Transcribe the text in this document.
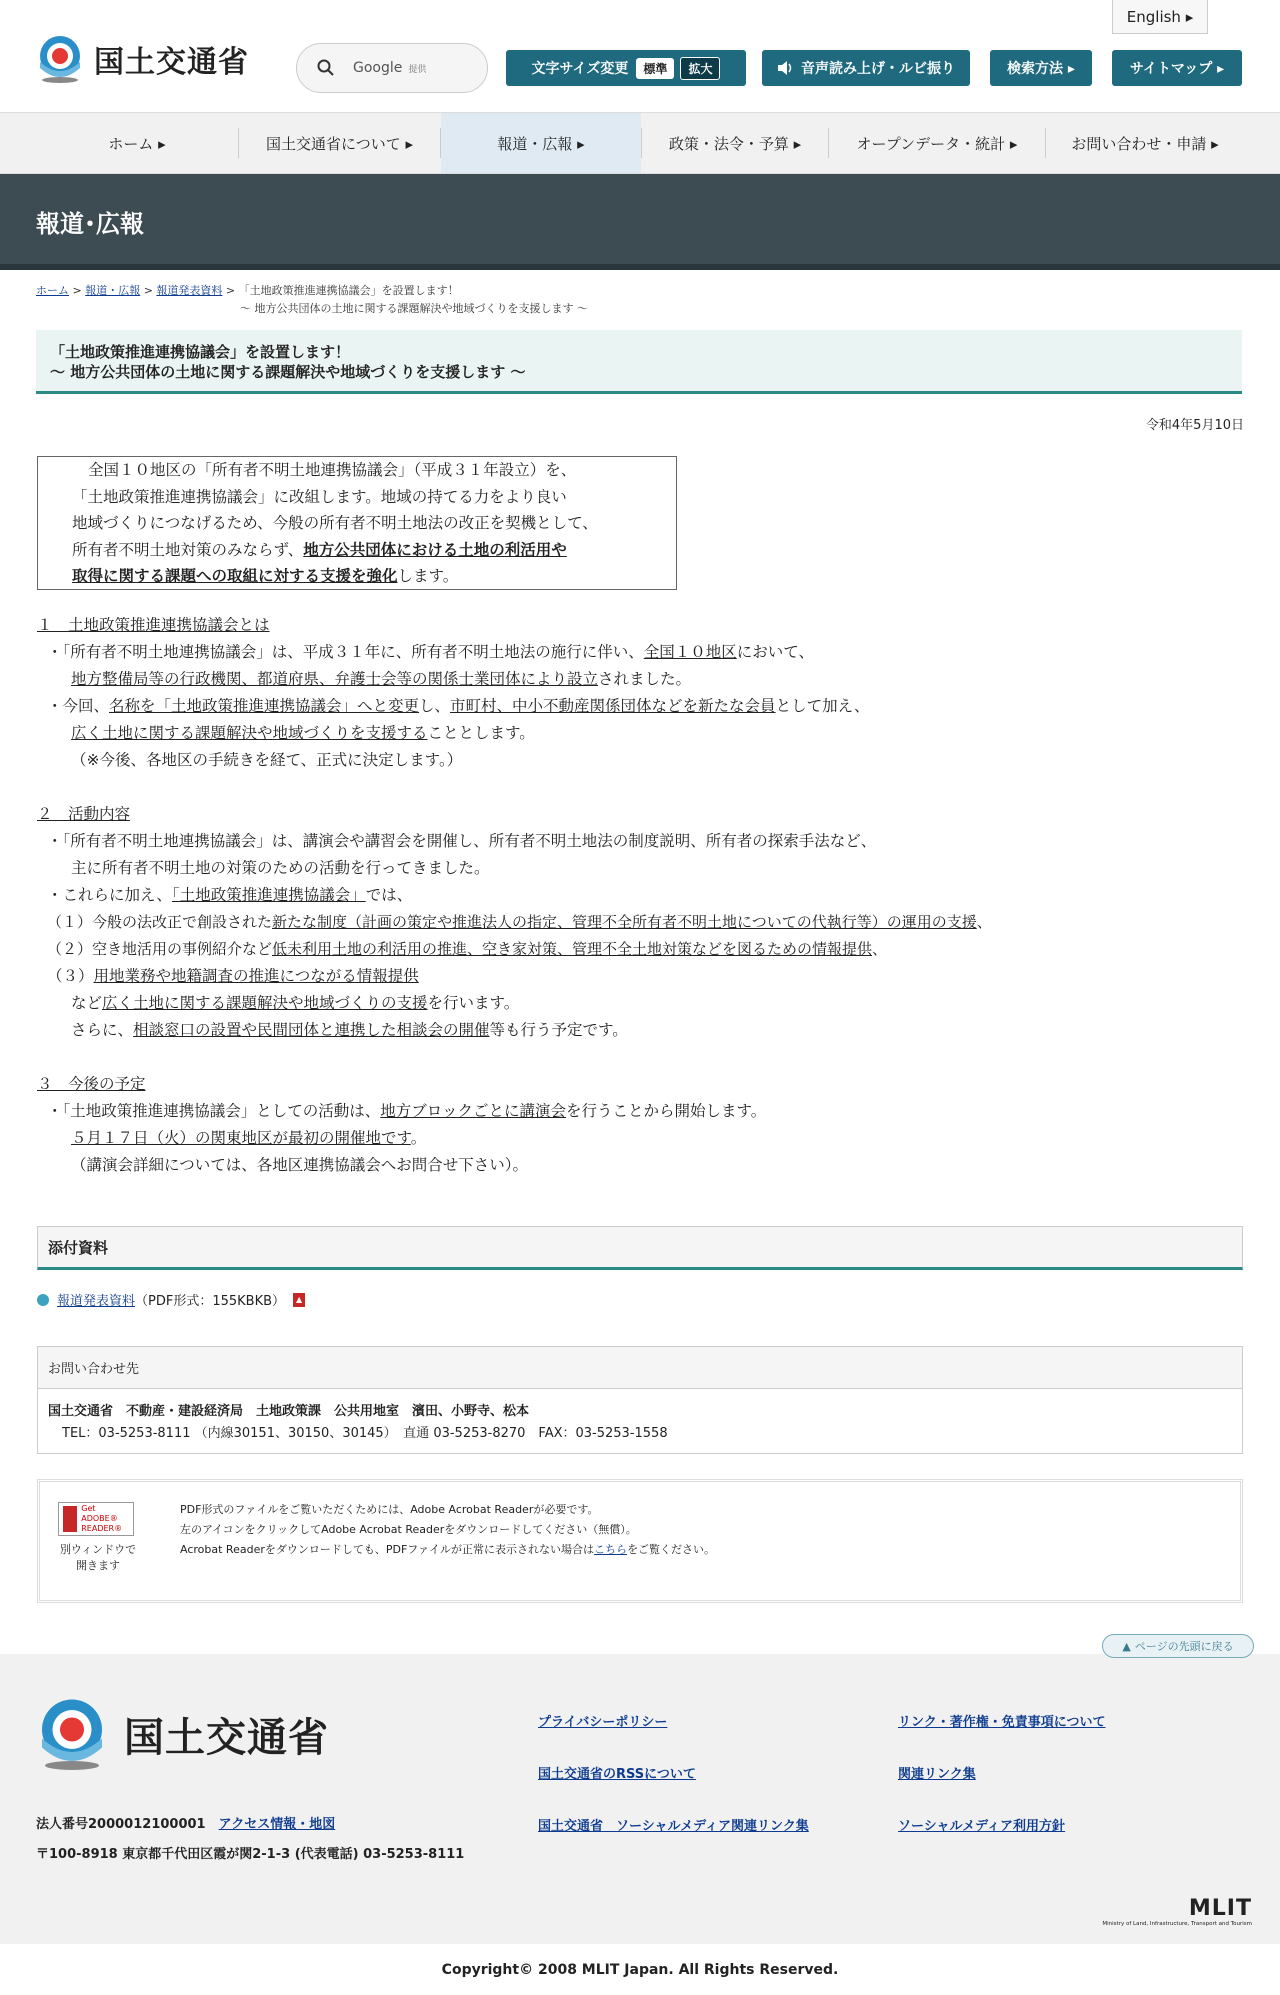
国土交通省
English ▸
Google 提供	文字サイズ変更	標準	拡大	音声読み上げ・ルビ振り	検索方法 ▸	サイトマップ ▸
ホーム ▸	国土交通省について ▸	報道・広報 ▸	政策・法令・予算 ▸	オープンデータ・統計 ▸	お問い合わせ・申請 ▸
報道･広報
ホーム > 報道・広報 > 報道発表資料 > 「土地政策推進連携協議会」を設置します！
～ 地方公共団体の土地に関する課題解決や地域づくりを支援します ～
「土地政策推進連携協議会」を設置します！
～ 地方公共団体の土地に関する課題解決や地域づくりを支援します ～
令和4年5月10日
全国１０地区の「所有者不明土地連携協議会」（平成３１年設立）を、
「土地政策推進連携協議会」に改組します。地域の持てる力をより良い
地域づくりにつなげるため、今般の所有者不明土地法の改正を契機として、
所有者不明土地対策のみならず、地方公共団体における土地の利活用や
取得に関する課題への取組に対する支援を強化します。

１　土地政策推進連携協議会とは

・「所有者不明土地連携協議会」は、平成３１年に、所有者不明土地法の施行に伴い、全国１０地区において、

地方整備局等の行政機関、都道府県、弁護士会等の関係士業団体により設立されました。

・今回、名称を「土地政策推進連携協議会」へと変更し、市町村、中小不動産関係団体などを新たな会員として加え、

広く土地に関する課題解決や地域づくりを支援することとします。

（※今後、各地区の手続きを経て、正式に決定します。）

２　活動内容

・「所有者不明土地連携協議会」は、講演会や講習会を開催し、所有者不明土地法の制度説明、所有者の探索手法など、

主に所有者不明土地の対策のための活動を行ってきました。

・これらに加え、「土地政策推進連携協議会」では、

（１）今般の法改正で創設された新たな制度（計画の策定や推進法人の指定、管理不全所有者不明土地についての代執行等）の運用の支援、

（２）空き地活用の事例紹介など低未利用土地の利活用の推進、空き家対策、管理不全土地対策などを図るための情報提供、

（３）用地業務や地籍調査の推進につながる情報提供

など広く土地に関する課題解決や地域づくりの支援を行います。

さらに、相談窓口の設置や民間団体と連携した相談会の開催等も行う予定です。

３　今後の予定

・「土地政策推進連携協議会」としての活動は、地方ブロックごとに講演会を行うことから開始します。

５月１７日（火）の関東地区が最初の開催地です。

（講演会詳細については、各地区連携協議会へお問合せ下さい）。

添付資料
報道発表資料 （PDF形式：155KBKB）	▲
お問い合わせ先
国土交通省　不動産・建設経済局　土地政策課　公共用地室　濱田、小野寺、松本
TEL：03-5253-8111 （内線30151、30150、30145）　直通 03-5253-8270　FAX：03-5253-1558
Get
ADOBE® READER®
別ウィンドウで開きます
PDF形式のファイルをご覧いただくためには、Adobe Acrobat Readerが必要です。
左のアイコンをクリックしてAdobe Acrobat Readerをダウンロードしてください（無償）。
Acrobat Readerをダウンロードしても、PDFファイルが正常に表示されない場合はこちらをご覧ください。
国土交通省
法人番号2000012100001　 アクセス情報・地図
〒100-8918 東京都千代田区霞が関2-1-3 (代表電話) 03-5253-8111
プライバシーポリシー	リンク・著作権・免責事項について
国土交通省のRSSについて	関連リンク集
国土交通省　ソーシャルメディア関連リンク集	ソーシャルメディア利用方針
MLIT
Ministry of Land, Infrastructure, Transport and Tourism
▲ ページの先頭に戻る
Copyright© 2008 MLIT Japan. All Rights Reserved.
